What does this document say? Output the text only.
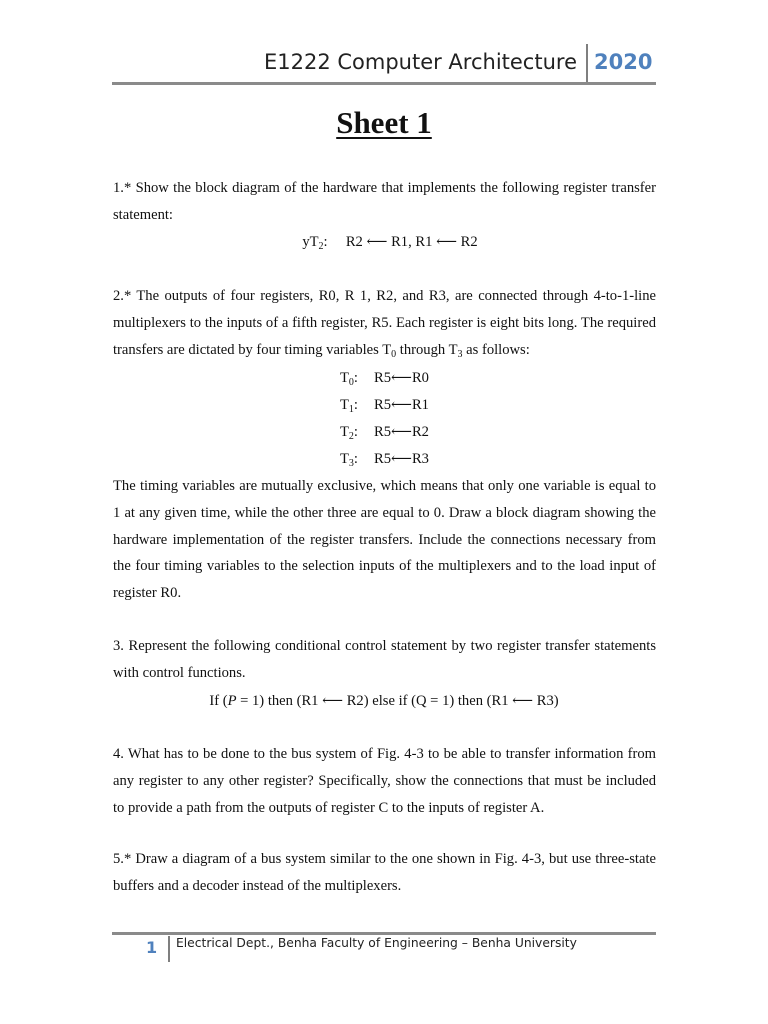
E1222 Computer Architecture 2020
Sheet 1

1.* Show the block diagram of the hardware that implements the following register transfer statement:

$yT_2$:     R2 ⟵ R1, R1 ⟵ R2

2.* The outputs of four registers, R0, R 1, R2, and R3, are connected through 4-to-1-line multiplexers to the inputs of a fifth register, R5. Each register is eight bits long. The required transfers are dictated by four timing variables $T_0$ through $T_3$ as follows:

$T_0$: R5⟵R0
$T_1$: R5⟵R1
$T_2$: R5⟵R2
$T_3$: R5⟵R3

The timing variables are mutually exclusive, which means that only one variable is equal to 1 at any given time, while the other three are equal to 0. Draw a block diagram showing the hardware implementation of the register transfers. Include the connections necessary from the four timing variables to the selection inputs of the multiplexers and to the load input of register R0.

3. Represent the following conditional control statement by two register transfer statements with control functions.

If (P = 1) then (R1 ⟵ R2) else if (Q = 1) then (R1 ⟵ R3)

4. What has to be done to the bus system of Fig. 4-3 to be able to transfer information from any register to any other register? Specifically, show the connections that must be included to provide a path from the outputs of register C to the inputs of register A.

5.* Draw a diagram of a bus system similar to the one shown in Fig. 4-3, but use three-state buffers and a decoder instead of the multiplexers.

1 Electrical Dept., Benha Faculty of Engineering – Benha University
